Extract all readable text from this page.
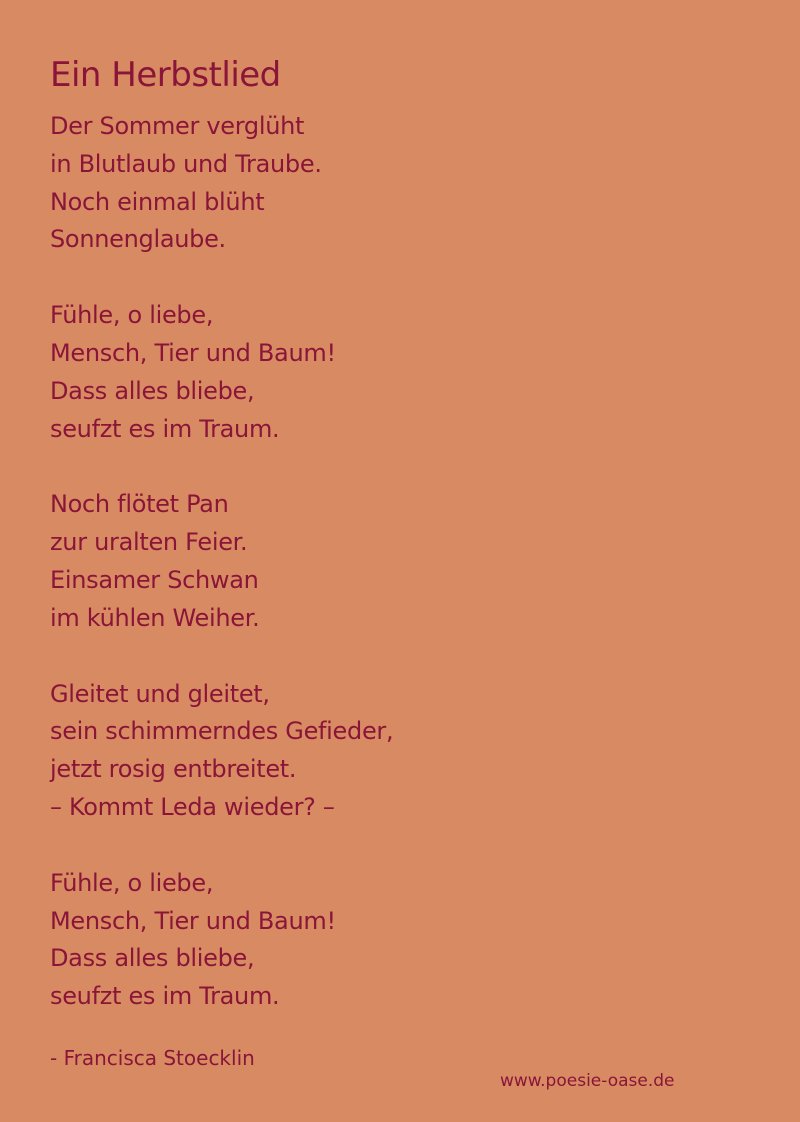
Ein Herbstlied
Der Sommer verglüht
in Blutlaub und Traube.
Noch einmal blüht
Sonnenglaube.
Fühle, o liebe,
Mensch, Tier und Baum!
Dass alles bliebe,
seufzt es im Traum.
Noch flötet Pan
zur uralten Feier.
Einsamer Schwan
im kühlen Weiher.
Gleitet und gleitet,
sein schimmerndes Gefieder,
jetzt rosig entbreitet.
– Kommt Leda wieder? –
Fühle, o liebe,
Mensch, Tier und Baum!
Dass alles bliebe,
seufzt es im Traum.
- Francisca Stoecklin
www.poesie-oase.de
